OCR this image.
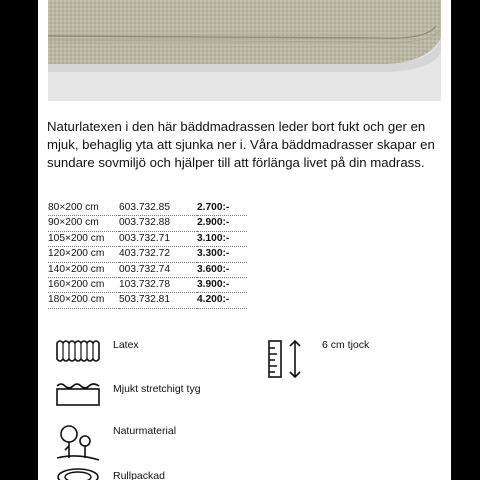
Naturlatexen i den här bäddmadrassen leder bort fukt och ger en mjuk, behaglig yta att sjunka ner i. Våra bäddmadrasser skapar en sundare sovmiljö och hjälper till att förlänga livet på din madrass.

80×200 cm	603.732.85	2.700:-
90×200 cm	003.732.88	2.900:-
105×200 cm	003.732.71	3.100:-
120×200 cm	403.732.72	3.300:-
140×200 cm	003.732.74	3.600:-
160×200 cm	103.732.78	3.900:-
180×200 cm	503.732.81	4.200:-
Latex	6 cm tjock
Mjukt stretchigt tyg
Naturmaterial
Rullpackad
